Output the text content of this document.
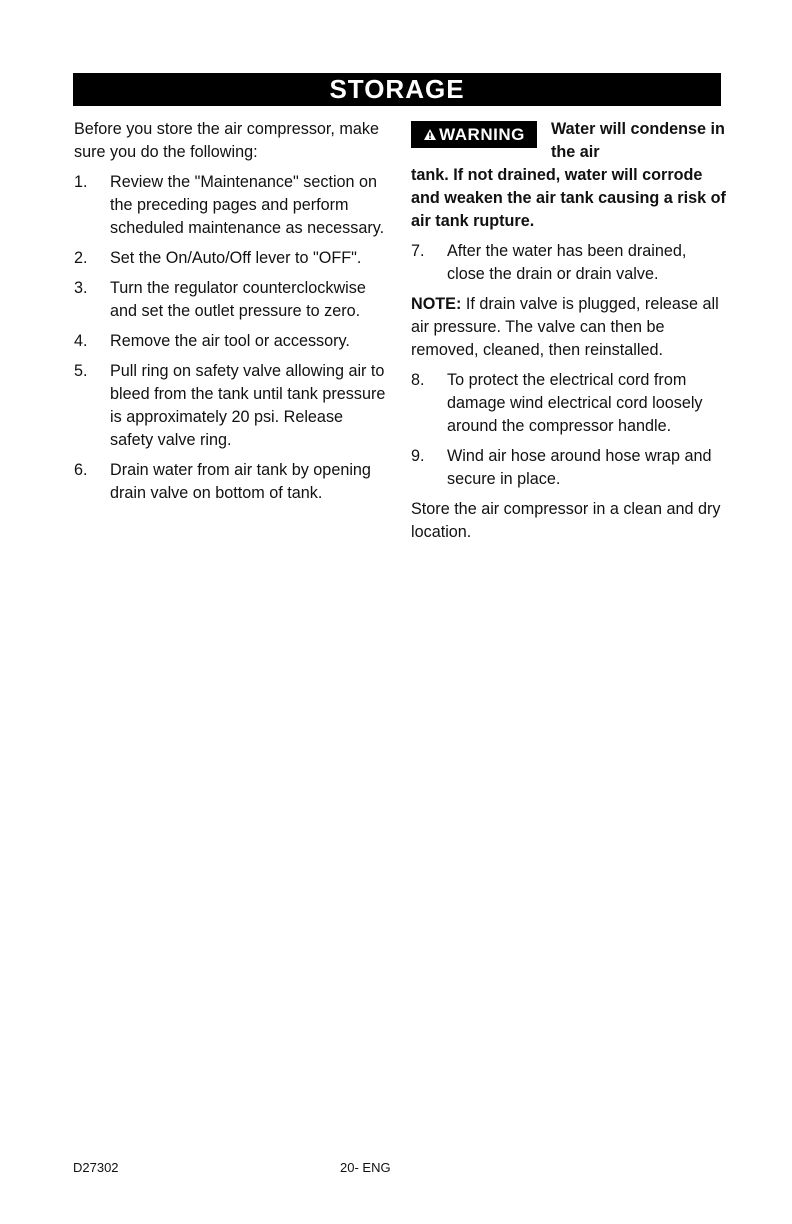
STORAGE

Before you store the air compressor, make sure you do the following:

1.	Review the "Maintenance" section on the preceding pages and perform scheduled maintenance as necessary.
2.	Set the On/Auto/Off lever to "OFF".
3.	Turn the regulator counterclockwise and set the outlet pressure to zero.
4.	Remove the air tool or accessory.
5.	Pull ring on safety valve allowing air to bleed from the tank until tank pressure is approximately 20 psi. Release safety valve ring.
6.	Drain water from air tank by opening drain valve on bottom of tank.
WARNING Water will condense in the air

tank. If not drained, water will corrode and weaken the air tank causing a risk of air tank rupture.

7.	After the water has been drained, close the drain or drain valve.

NOTE: If drain valve is plugged, release all air pressure. The valve can then be removed, cleaned, then reinstalled.

8.	To protect the electrical cord from damage wind electrical cord loosely around the compressor handle.
9.	Wind air hose around hose wrap and secure in place.

Store the air compressor in a clean and dry location.

D27302	20- ENG
